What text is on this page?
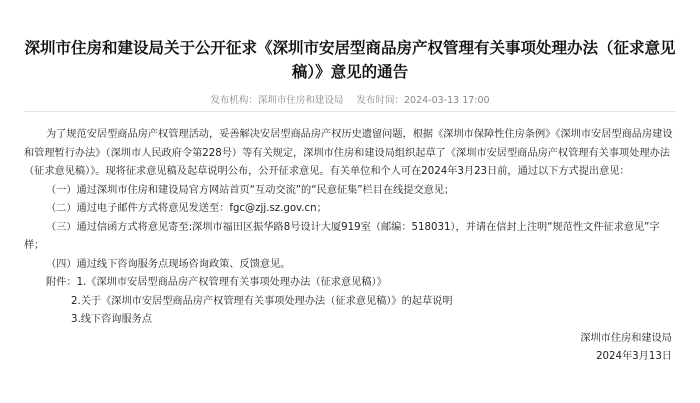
深圳市住房和建设局关于公开征求《深圳市安居型商品房产权管理有关事项处理办法（征求意见稿）》意见的通告
发布机构：深圳市住房和建设局 发布时间：2024-03-13 17:00

为了规范安居型商品房产权管理活动，妥善解决安居型商品房产权历史遗留问题，根据《深圳市保障性住房条例》《深圳市安居型商品房建设和管理暂行办法》（深圳市人民政府令第228号）等有关规定，深圳市住房和建设局组织起草了《深圳市安居型商品房产权管理有关事项处理办法（征求意见稿）》。现将征求意见稿及起草说明公布，公开征求意见。有关单位和个人可在2024年3月23日前，通过以下方式提出意见：

（一）通过深圳市住房和建设局官方网站首页“互动交流”的“民意征集”栏目在线提交意见；

（二）通过电子邮件方式将意见发送至：fgc@zjj.sz.gov.cn；

（三）通过信函方式将意见寄至:深圳市福田区振华路8号设计大厦919室（邮编：518031），并请在信封上注明“规范性文件征求意见”字样；

（四）通过线下咨询服务点现场咨询政策、反馈意见。

附件：1.《深圳市安居型商品房产权管理有关事项处理办法（征求意见稿）》

2.关于《深圳市安居型商品房产权管理有关事项处理办法（征求意见稿）》的起草说明

3.线下咨询服务点

深圳市住房和建设局

2024年3月13日
